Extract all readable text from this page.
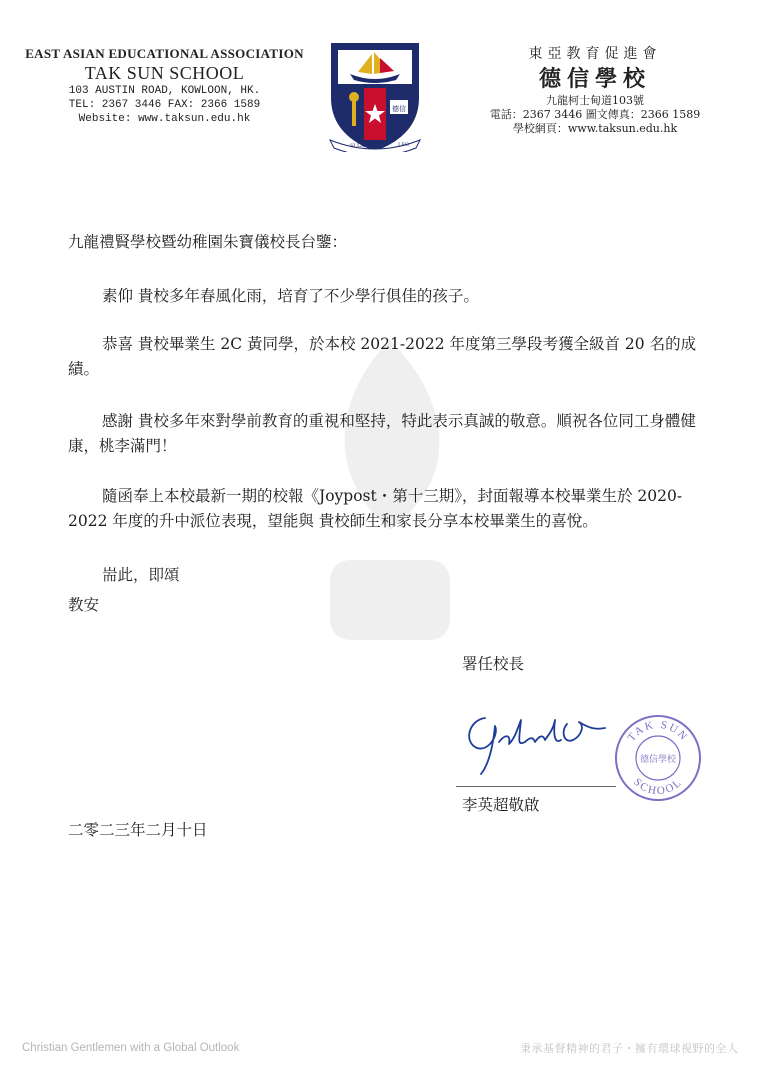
EAST ASIAN EDUCATIONAL ASSOCIATION
TAK SUN SCHOOL
103 AUSTIN ROAD, KOWLOON, HK.
TEL: 2367 3446 FAX: 2366 1589
Website: www.taksun.edu.hk
德信
SI LABORE	LEO
東亞教育促進會
德信學校
九龍柯士甸道103號
電話：2367 3446 圖文傳真：2366 1589
學校網頁：www.taksun.edu.hk
九龍禮賢學校暨幼稚園朱寶儀校長台鑒：
素仰 貴校多年春風化雨，培育了不少學行俱佳的孩子。
恭喜 貴校畢業生 2C 黃同學，於本校 2021-2022 年度第三學段考獲全級首 20 名的成績。
感謝 貴校多年來對學前教育的重視和堅持，特此表示真誠的敬意。順祝各位同工身體健康，桃李滿門！
隨函奉上本校最新一期的校報《Joypost・第十三期》，封面報導本校畢業生於 2020-2022 年度的升中派位表現，望能與 貴校師生和家長分享本校畢業生的喜悅。
耑此，即頌
教安
署任校長
李英超敬啟
TAK SUN
SCHOOL
德信學校
二零二三年二月十日
Christian Gentlemen with a Global Outlook	秉承基督精神的君子・擁有環球視野的全人
